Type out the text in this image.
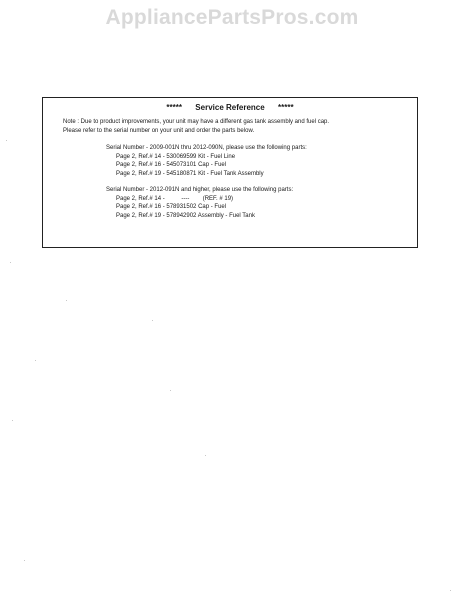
AppliancePartsPros.com
*****      Service Reference      *****
Note : Due to product improvements, your unit may have a different gas tank assembly and fuel cap.
Please refer to the serial number on your unit and order the parts below.
Serial Number - 2009-001N thru 2012-090N, please use the following parts:
Page 2, Ref.# 14 - 530069599 Kit - Fuel Line
Page 2, Ref.# 16 - 545073101 Cap - Fuel
Page 2, Ref.# 19 - 545180871 Kit - Fuel Tank Assembly
Serial Number - 2012-091N and higher, please use the following parts:
Page 2, Ref.# 14 -          ----        (REF. # 19)
Page 2, Ref.# 16 - 578931502 Cap - Fuel
Page 2, Ref.# 19 - 578942902 Assembly - Fuel Tank
